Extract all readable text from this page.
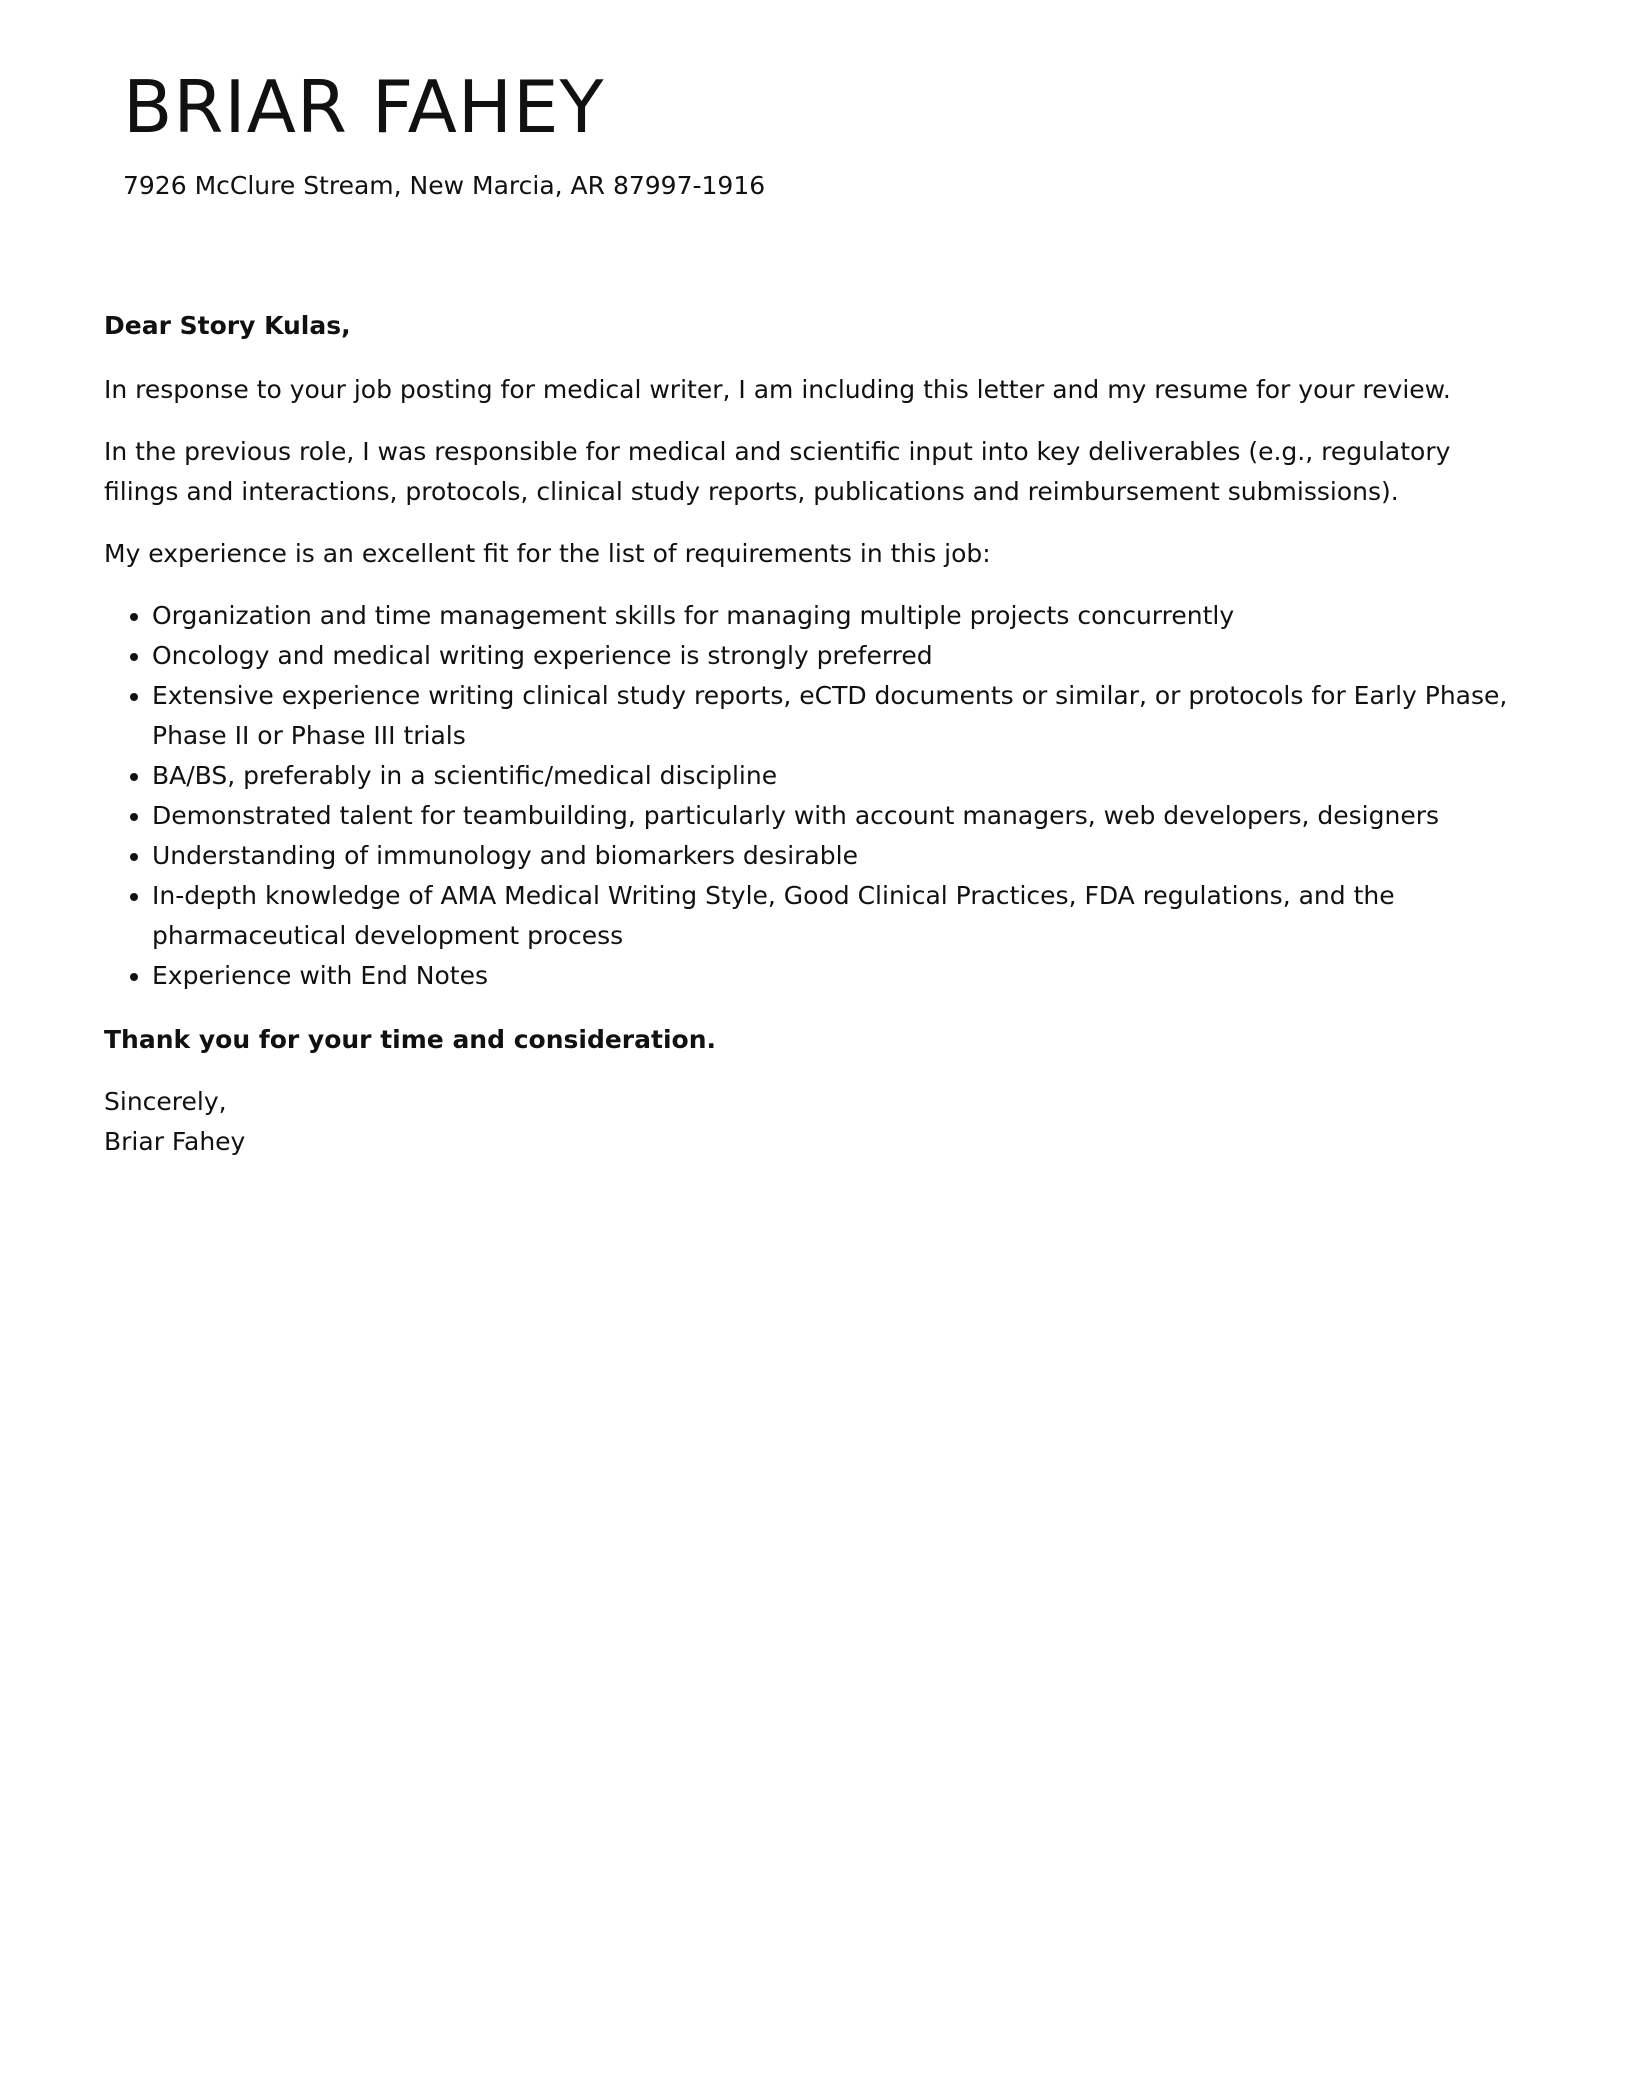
BRIAR FAHEY
7926 McClure Stream, New Marcia, AR 87997-1916

Dear Story Kulas,

In response to your job posting for medical writer, I am including this letter and my resume for your review.

In the previous role, I was responsible for medical and scientific input into key deliverables (e.g., regulatory filings and interactions, protocols, clinical study reports, publications and reimbursement submissions).

My experience is an excellent fit for the list of requirements in this job:

• Organization and time management skills for managing multiple projects concurrently
• Oncology and medical writing experience is strongly preferred
• Extensive experience writing clinical study reports, eCTD documents or similar, or protocols for Early Phase, Phase II or Phase III trials
• BA/BS, preferably in a scientific/medical discipline
• Demonstrated talent for teambuilding, particularly with account managers, web developers, designers
• Understanding of immunology and biomarkers desirable
• In-depth knowledge of AMA Medical Writing Style, Good Clinical Practices, FDA regulations, and the pharmaceutical development process
• Experience with End Notes

Thank you for your time and consideration.

Sincerely,
Briar Fahey
